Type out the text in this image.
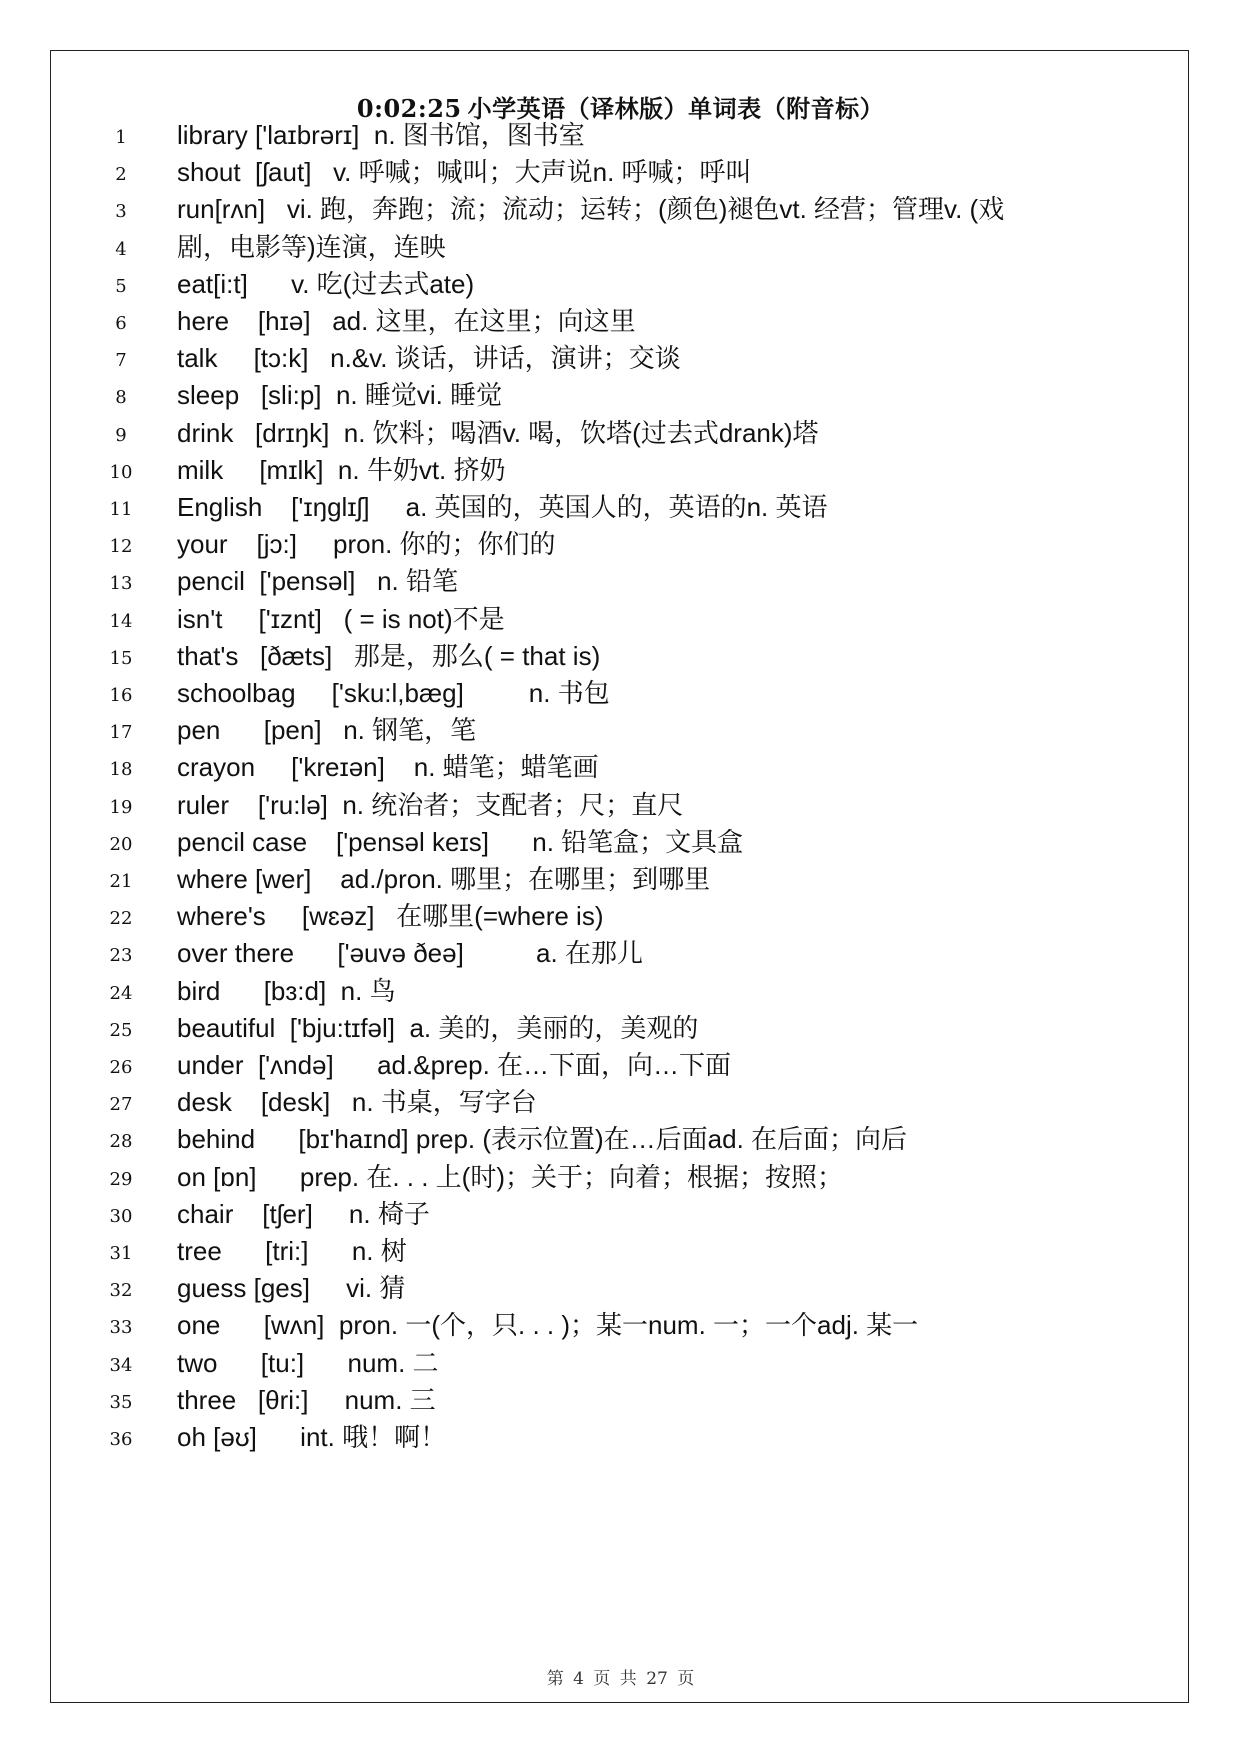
0:02:25 小学英语（译林版）单词表（附音标）
1	library ['laɪbrərɪ]  n. 图书馆，图书室
2	shout  [ʃaut]   v. 呼喊；喊叫；大声说n. 呼喊；呼叫
3	run[rʌn]   vi. 跑，奔跑；流；流动；运转；(颜色)褪色vt. 经营；管理v. (戏
4	剧，电影等)连演，连映
5	eat[i:t]      v. 吃(过去式ate)
6	here    [hɪə]   ad. 这里，在这里；向这里
7	talk     [tɔ:k]   n.&v. 谈话，讲话，演讲；交谈
8	sleep   [sli:p]  n. 睡觉vi. 睡觉
9	drink   [drɪŋk]  n. 饮料；喝酒v. 喝，饮塔(过去式drank)塔
10	milk     [mɪlk]  n. 牛奶vt. 挤奶
11	English    ['ɪŋglɪʃ]     a. 英国的，英国人的，英语的n. 英语
12	your    [jɔ:]     pron. 你的；你们的
13	pencil  ['pensəl]   n. 铅笔
14	isn't     ['ɪznt]   ( = is not)不是
15	that's   [ðæts]   那是，那么( = that is)
16	schoolbag     ['sku:l,bæg]         n. 书包
17	pen      [pen]   n. 钢笔，笔
18	crayon     ['kreɪən]    n. 蜡笔；蜡笔画
19	ruler    ['ru:lə]  n. 统治者；支配者；尺；直尺
20	pencil case    ['pensəl keɪs]      n. 铅笔盒；文具盒
21	where [wer]    ad./pron. 哪里；在哪里；到哪里
22	where's     [wɛəz]   在哪里(=where is)
23	over there      ['əuvə ðeə]          a. 在那儿
24	bird      [bɜ:d]  n. 鸟
25	beautiful  ['bju:tɪfəl]  a. 美的，美丽的，美观的
26	under  ['ʌndə]      ad.&prep. 在…下面，向…下面
27	desk    [desk]   n. 书桌，写字台
28	behind      [bɪ'haɪnd] prep. (表示位置)在…后面ad. 在后面；向后
29	on [ɒn]      prep. 在. . . 上(时)；关于；向着；根据；按照；
30	chair    [tʃer]     n. 椅子
31	tree      [tri:]      n. 树
32	guess [ges]     vi. 猜
33	one      [wʌn]  pron. 一(个，只. . . )；某一num. 一；一个adj. 某一
34	two      [tu:]      num. 二
35	three   [θri:]     num. 三
36	oh [əʊ]      int. 哦！啊！
第 4 页 共 27 页
